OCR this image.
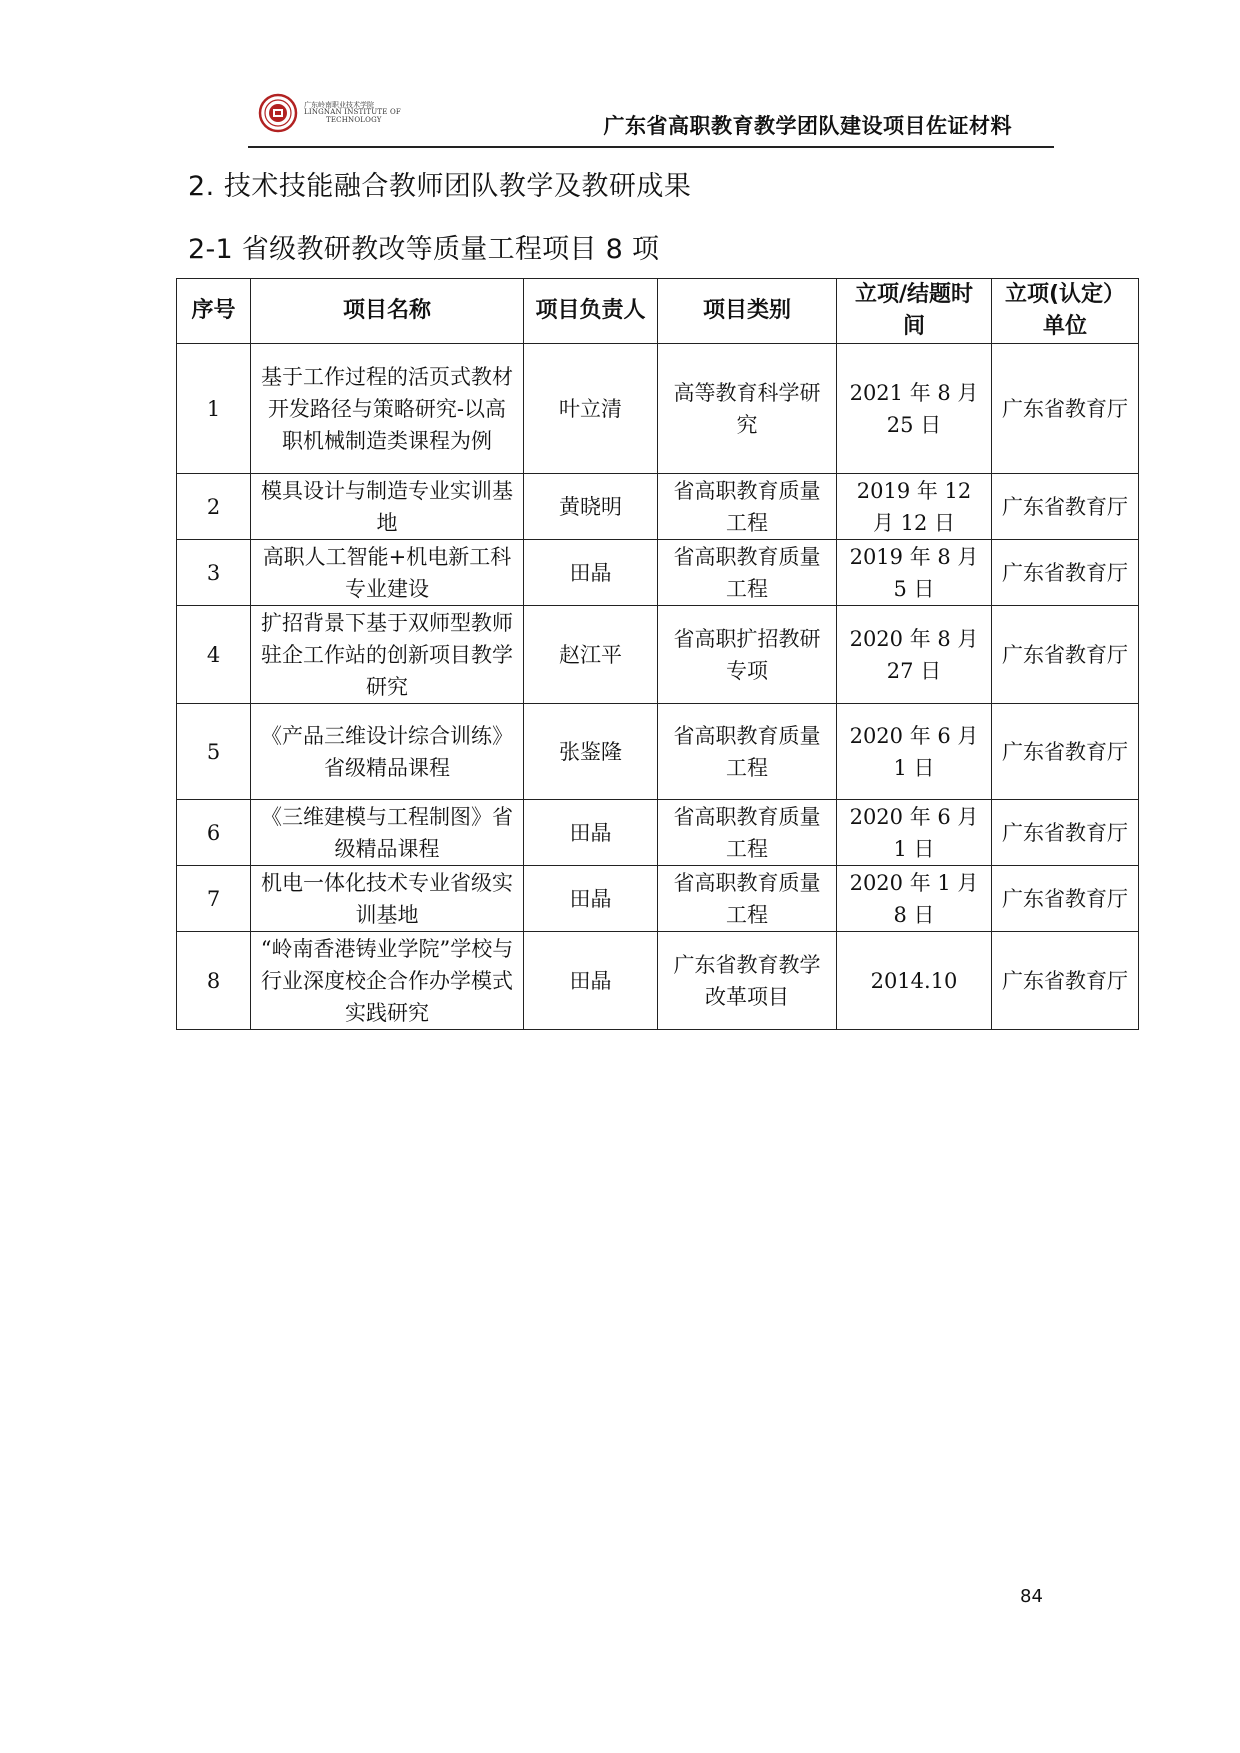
广东岭南职业技术学院
LINGNAN INSTITUTE OF
TECHNOLOGY	广东省高职教育教学团队建设项目佐证材料
2. 技术技能融合教师团队教学及教研成果
2-1 省级教研教改等质量工程项目 8 项
序号	项目名称	项目负责人	项目类别	立项/结题时间	立项(认定）单位
1	基于工作过程的活页式教材开发路径与策略研究-以高职机械制造类课程为例	叶立清	高等教育科学研究	2021 年 8 月 25 日	广东省教育厅
2	模具设计与制造专业实训基地	黄晓明	省高职教育质量工程	2019 年 12 月 12 日	广东省教育厅
3	高职人工智能+机电新工科专业建设	田晶	省高职教育质量工程	2019 年 8 月 5 日	广东省教育厅
4	扩招背景下基于双师型教师驻企工作站的创新项目教学研究	赵江平	省高职扩招教研专项	2020 年 8 月 27 日	广东省教育厅
5	《产品三维设计综合训练》省级精品课程	张鉴隆	省高职教育质量工程	2020 年 6 月 1 日	广东省教育厅
6	《三维建模与工程制图》省级精品课程	田晶	省高职教育质量工程	2020 年 6 月 1 日	广东省教育厅
7	机电一体化技术专业省级实训基地	田晶	省高职教育质量工程	2020 年 1 月 8 日	广东省教育厅
8	“岭南香港铸业学院”学校与行业深度校企合作办学模式实践研究	田晶	广东省教育教学改革项目	2014.10	广东省教育厅
84
